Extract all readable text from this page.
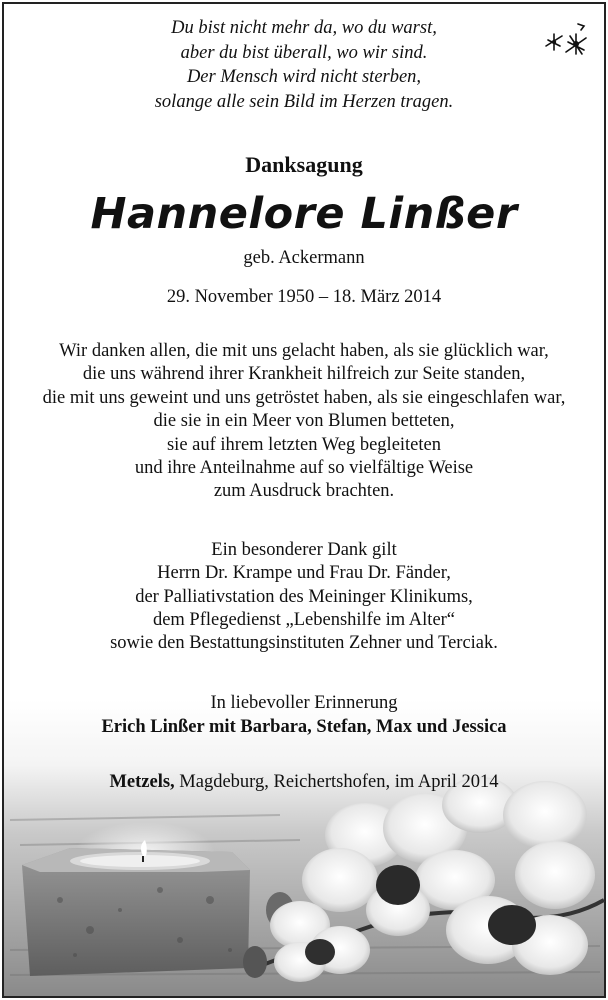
Du bist nicht mehr da, wo du warst,
aber du bist überall, wo wir sind.
Der Mensch wird nicht sterben,
solange alle sein Bild im Herzen tragen.
Danksagung
Hannelore Linßer
geb. Ackermann
29. November 1950 – 18. März 2014
Wir danken allen, die mit uns gelacht haben, als sie glücklich war,
die uns während ihrer Krankheit hilfreich zur Seite standen,
die mit uns geweint und uns getröstet haben, als sie eingeschlafen war,
die sie in ein Meer von Blumen betteten,
sie auf ihrem letzten Weg begleiteten
und ihre Anteilnahme auf so vielfältige Weise
zum Ausdruck brachten.
Ein besonderer Dank gilt
Herrn Dr. Krampe und Frau Dr. Fänder,
der Palliativstation des Meininger Klinikums,
dem Pflegedienst „Lebenshilfe im Alter“
sowie den Bestattungsinstituten Zehner und Terciak.
In liebevoller Erinnerung
Erich Linßer mit Barbara, Stefan, Max und Jessica
Metzels, Magdeburg, Reichertshofen, im April 2014
